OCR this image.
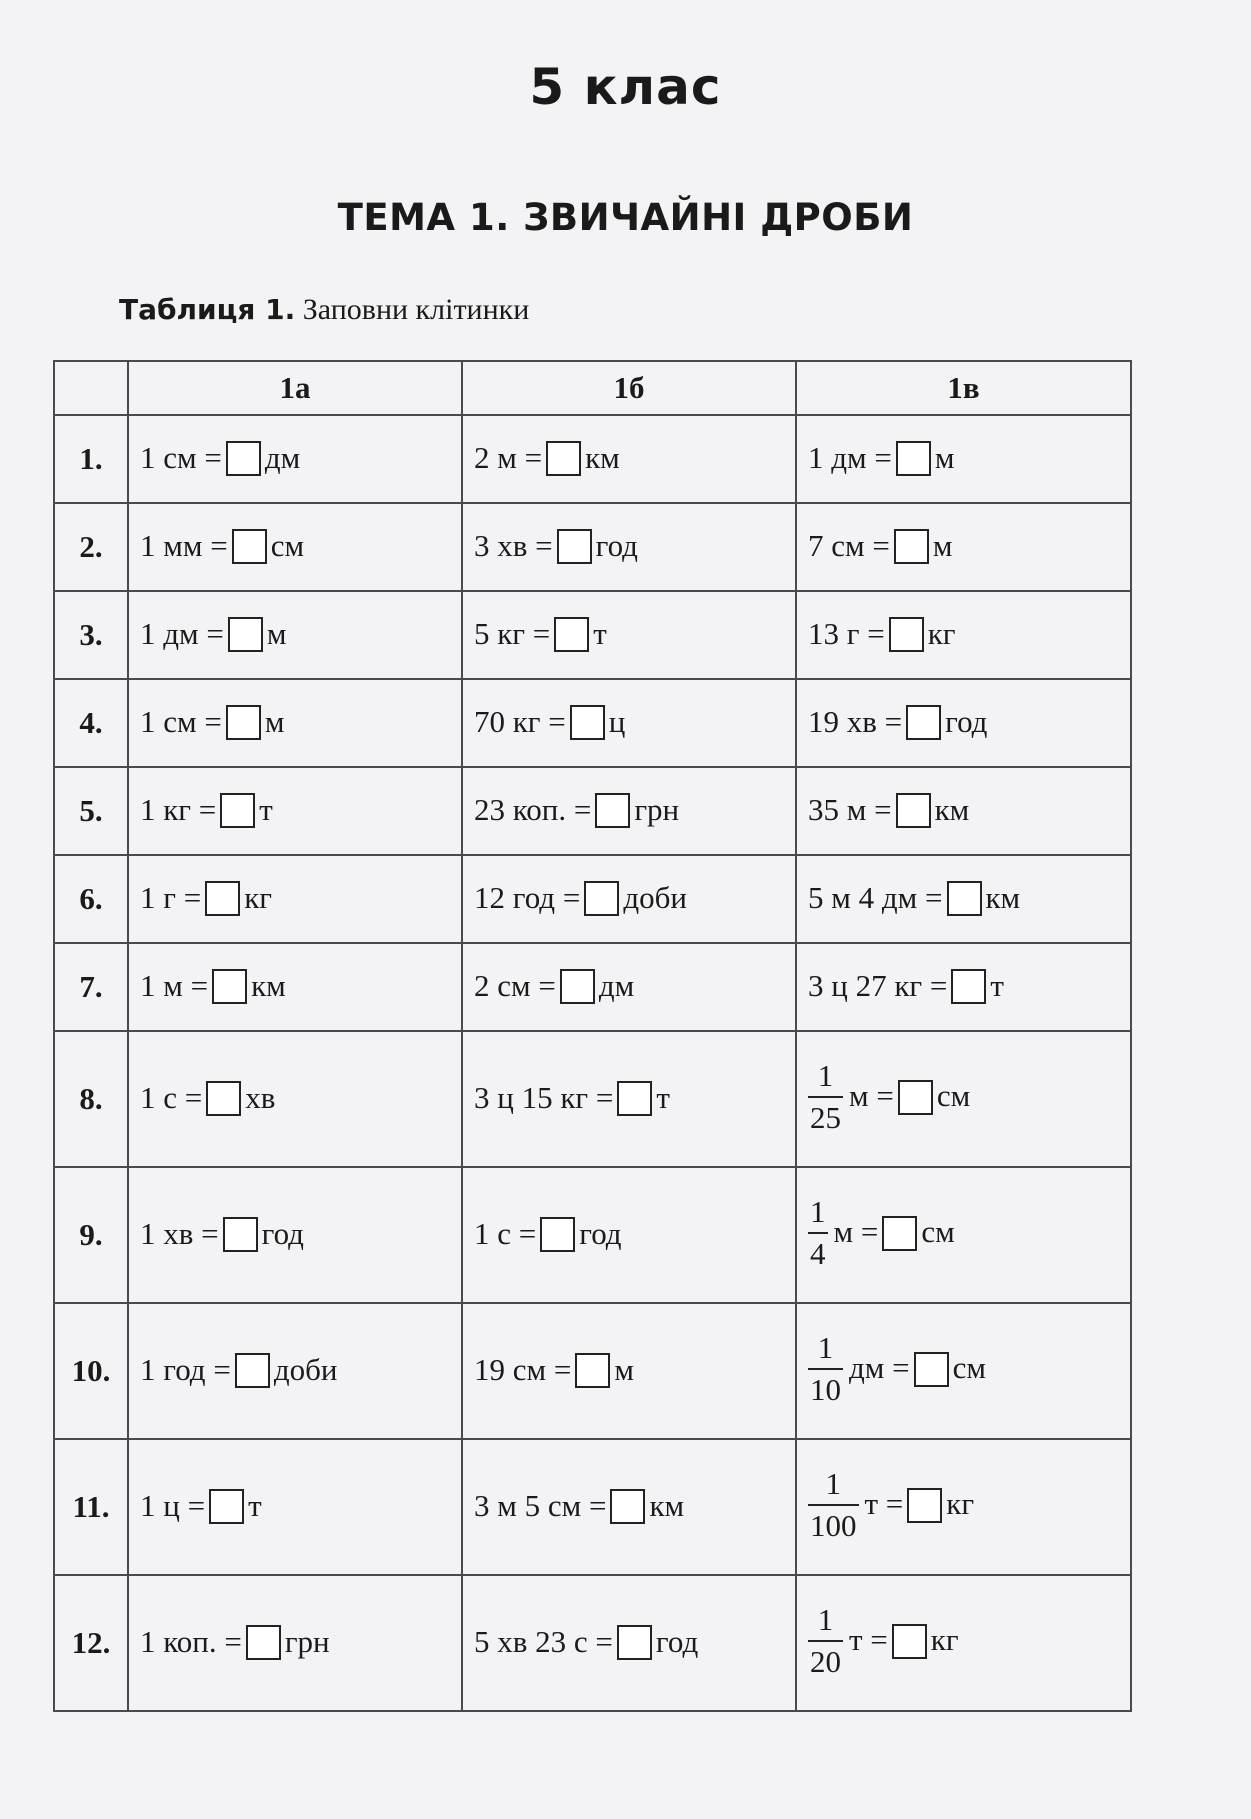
5 клас
ТЕМА 1. ЗВИЧАЙНІ ДРОБИ
Таблиця 1. Заповни клітинки
	1а	1б	1в
1.	1 см = дм	2 м = км	1 дм = м
2.	1 мм = см	3 хв = год	7 см = м
3.	1 дм = м	5 кг = т	13 г = кг
4.	1 см = м	70 кг = ц	19 хв = год
5.	1 кг = т	23 коп. = грн	35 м = км
6.	1 г = кг	12 год = доби	5 м 4 дм = км
7.	1 м = км	2 см = дм	3 ц 27 кг = т
8.	1 с = хв	3 ц 15 кг = т	$\frac{1}{25}$ м = см
9.	1 хв = год	1 с = год	$\frac{1}{4}$ м = см
10.	1 год = доби	19 см = м	$\frac{1}{10}$ дм = см
11.	1 ц = т	3 м 5 см = км	$\frac{1}{100}$ т = кг
12.	1 коп. = грн	5 хв 23 с = год	$\frac{1}{20}$ т = кг
